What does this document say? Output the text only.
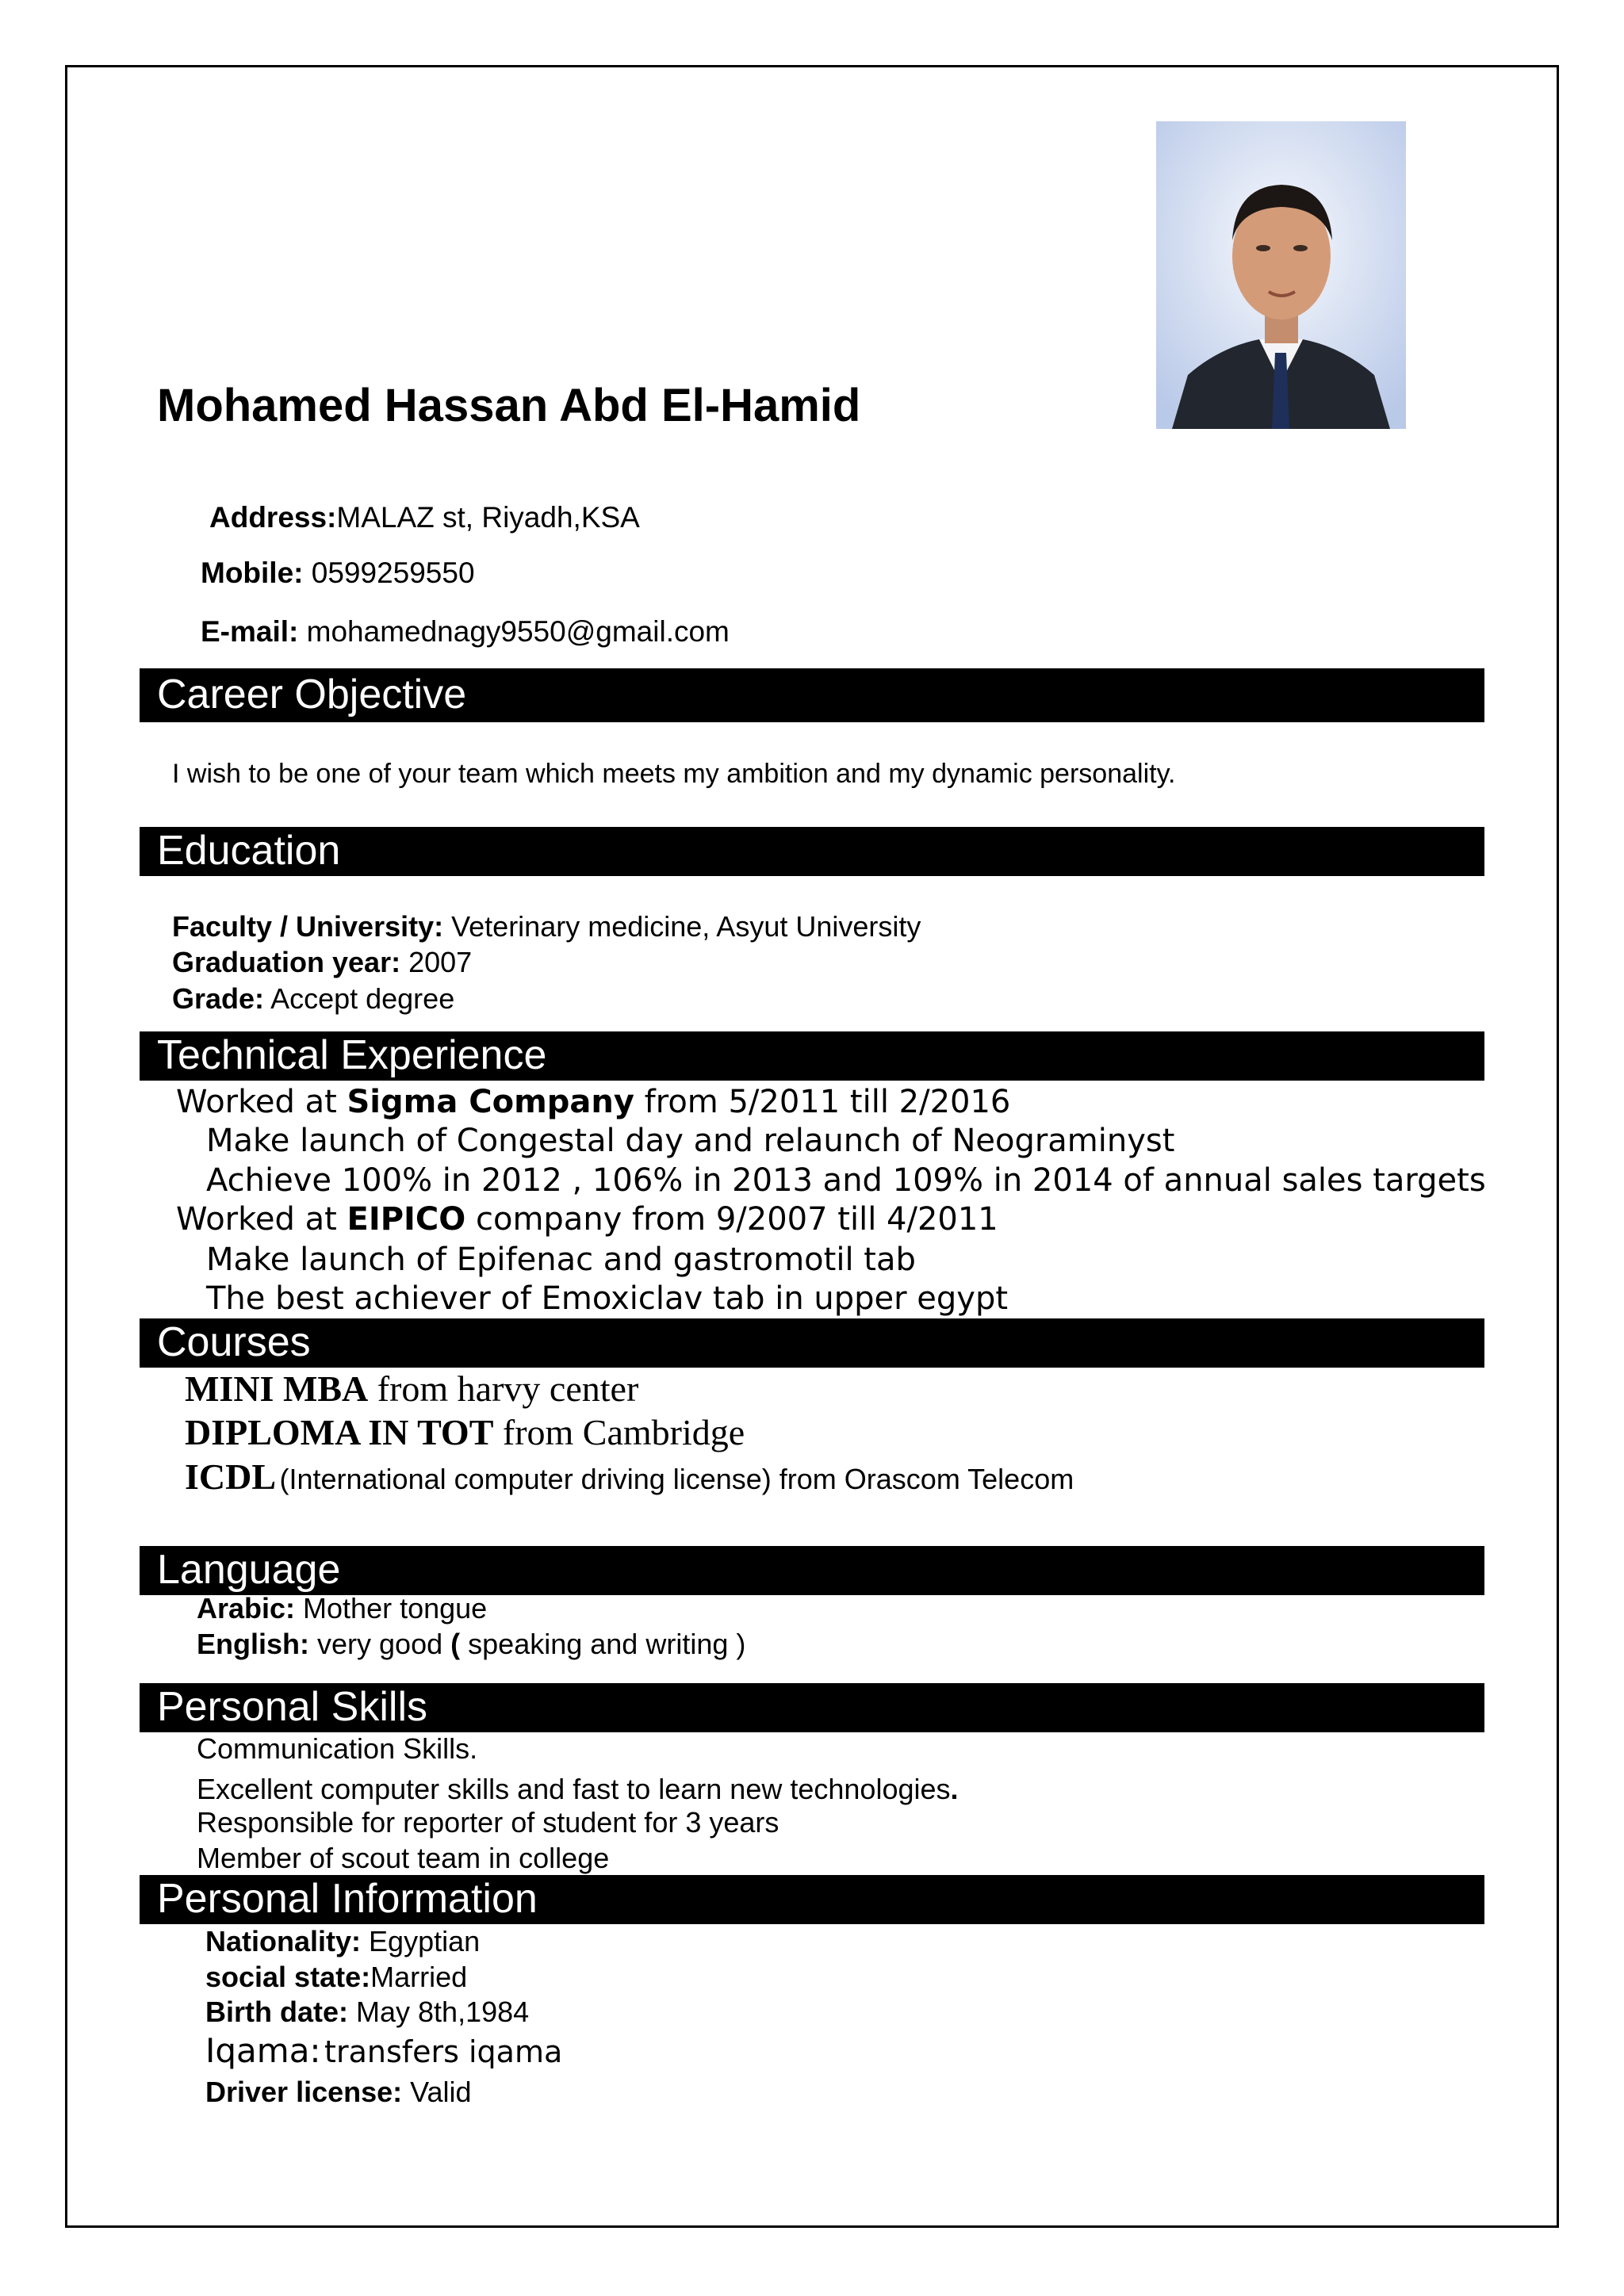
Mohamed Hassan Abd El-Hamid
Address:MALAZ st, Riyadh,KSA
Mobile: 0599259550
E-mail: mohamednagy9550@gmail.com
Career Objective
I wish to be one of your team which meets my ambition and my dynamic personality.
Education
Faculty / University: Veterinary medicine, Asyut University
Graduation year: 2007
Grade: Accept degree
Technical Experience
Worked at Sigma Company from 5/2011 till 2/2016
Make launch of Congestal day and relaunch of Neograminyst
Achieve 100% in 2012 , 106% in 2013 and 109% in 2014 of annual sales targets
Worked at EIPICO company from 9/2007 till 4/2011
Make launch of Epifenac and gastromotil tab
The best achiever of Emoxiclav tab in upper egypt
Courses
MINI MBA from harvy center
DIPLOMA IN TOT from Cambridge
ICDL (International computer driving license) from Orascom Telecom
Language
Arabic: Mother tongue
English: very good ( speaking and writing )
Personal Skills
Communication Skills.
Excellent computer skills and fast to learn new technologies.
Responsible for reporter of student for 3 years
Member of scout team in college
Personal Information
Nationality: Egyptian
social state:Married
Birth date: May 8th,1984
Iqama: transfers iqama
Driver license: Valid
